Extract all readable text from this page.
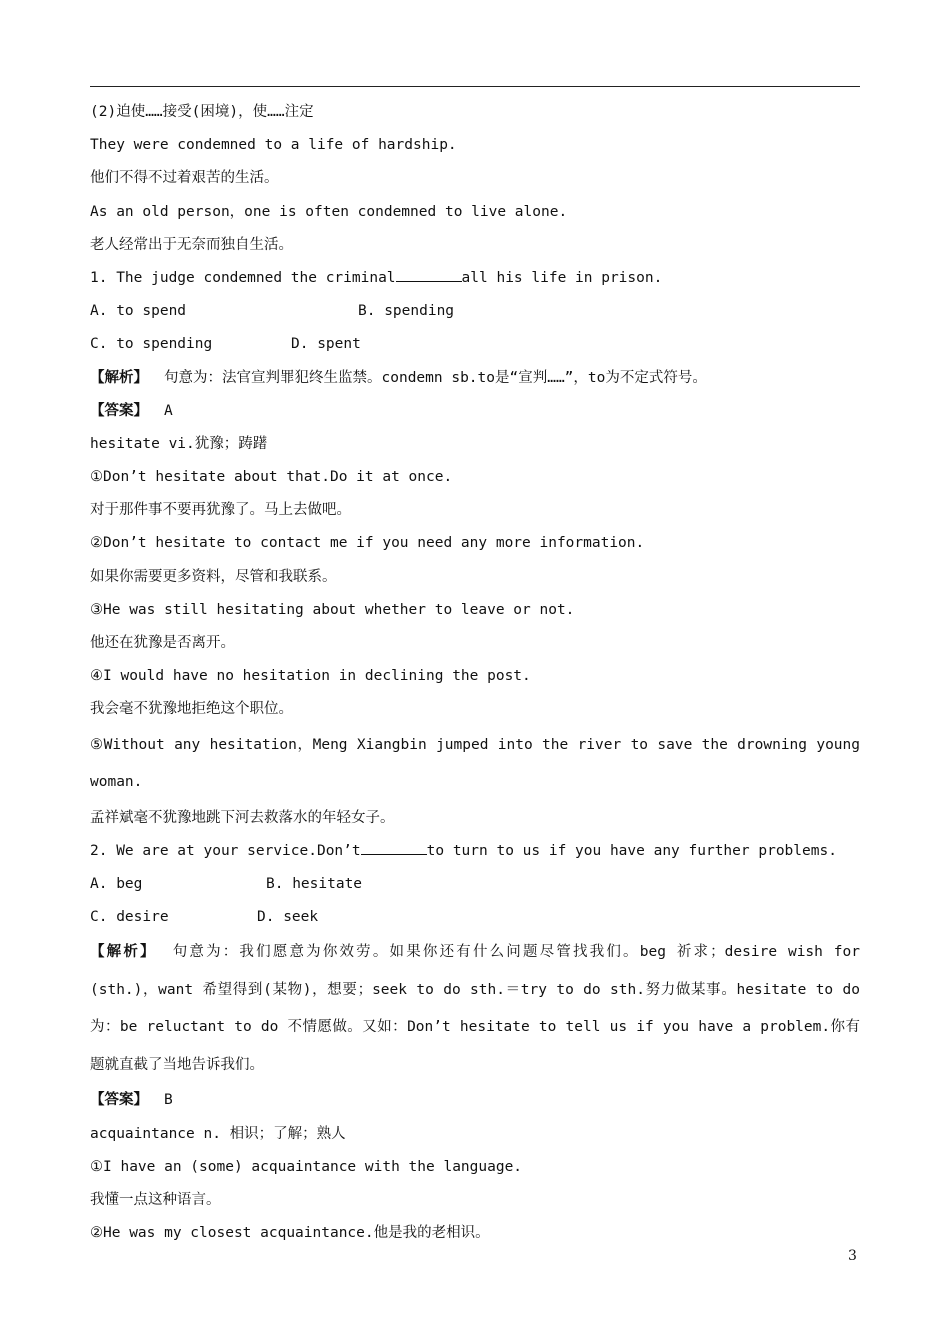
(2)迫使……接受(困境)，使……注定
They were condemned to a life of hardship.
他们不得不过着艰苦的生活。
As an old person，one is often condemned to live alone.
老人经常出于无奈而独自生活。
1. The judge condemned the criminal	all his life in prison.
A. to spend	B. spending
C. to spending	D. spent
【解析】 句意为：法官宣判罪犯终生监禁。condemn sb.to是“宣判……”，to为不定式符号。
【答案】 A
hesitate vi.犹豫；踌躇
①Don’t hesitate about that.Do it at once.
对于那件事不要再犹豫了。马上去做吧。
②Don’t hesitate to contact me if you need any more information.
如果你需要更多资料，尽管和我联系。
③He was still hesitating about whether to leave or not.
他还在犹豫是否离开。
④I would have no hesitation in declining the post.
我会毫不犹豫地拒绝这个职位。
⑤Without any hesitation，Meng Xiangbin jumped into the river to save the drowning young
woman.
孟祥斌毫不犹豫地跳下河去救落水的年轻女子。
2. We are at your service.Don’t	to turn to us if you have any further problems.
A. beg	B. hesitate
C. desire	D. seek
【解析】 句意为：我们愿意为你效劳。如果你还有什么问题尽管找我们。beg 祈求；desire wish for
(sth.)，want 希望得到(某物)，想要；seek to do sth.＝try to do sth.努力做某事。hesitate to do
为：be reluctant to do 不情愿做。又如：Don’t hesitate to tell us if you have a problem.你有
题就直截了当地告诉我们。
【答案】 B
acquaintance n. 相识；了解；熟人
①I have an (some) acquaintance with the language.
我懂一点这种语言。
②He was my closest acquaintance.他是我的老相识。
3
